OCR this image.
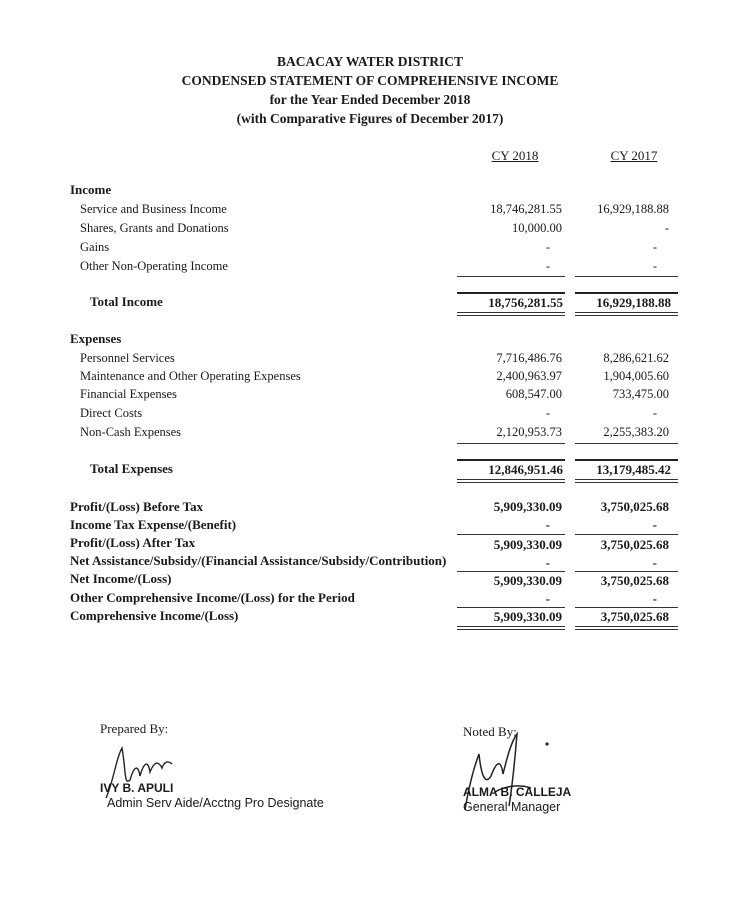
BACACAY WATER DISTRICT
CONDENSED STATEMENT OF COMPREHENSIVE INCOME
for the Year Ended December 2018
(with Comparative Figures of December 2017)
CY 2018	CY 2017
Income
Service and Business Income	18,746,281.55	16,929,188.88
Shares, Grants and Donations	10,000.00	-
Gains	-	-
Other Non-Operating Income	-	-
Total Income	18,756,281.55	16,929,188.88
Expenses
Personnel Services	7,716,486.76	8,286,621.62
Maintenance and Other Operating Expenses	2,400,963.97	1,904,005.60
Financial Expenses	608,547.00	733,475.00
Direct Costs	-	-
Non-Cash Expenses	2,120,953.73	2,255,383.20
Total Expenses	12,846,951.46	13,179,485.42
Profit/(Loss) Before Tax	5,909,330.09	3,750,025.68
Income Tax Expense/(Benefit)	-	-
Profit/(Loss) After Tax	5,909,330.09	3,750,025.68
Net Assistance/Subsidy/(Financial Assistance/Subsidy/Contribution)	-	-
Net Income/(Loss)	5,909,330.09	3,750,025.68
Other Comprehensive Income/(Loss) for the Period	-	-
Comprehensive Income/(Loss)	5,909,330.09	3,750,025.68
Prepared By:
IVY B. APULI
Admin Serv Aide/Acctng Pro Designate
Noted By:
ALMA B. CALLEJA
General Manager
